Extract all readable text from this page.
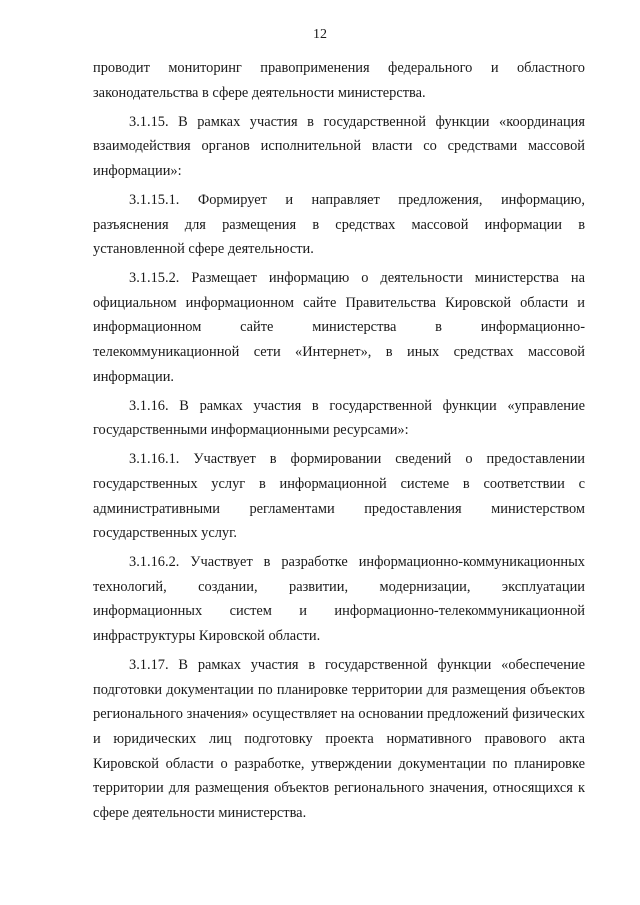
12

проводит мониторинг правоприменения федерального и областного законодательства в сфере деятельности министерства.

3.1.15. В рамках участия в государственной функции «координация взаимодействия органов исполнительной власти со средствами массовой информации»:

3.1.15.1. Формирует и направляет предложения, информацию, разъяснения для размещения в средствах массовой информации в установленной сфере деятельности.

3.1.15.2. Размещает информацию о деятельности министерства на официальном информационном сайте Правительства Кировской области и информационном сайте министерства в информационно-телекоммуникационной сети «Интернет», в иных средствах массовой информации.

3.1.16. В рамках участия в государственной функции «управление государственными информационными ресурсами»:

3.1.16.1. Участвует в формировании сведений о предоставлении государственных услуг в информационной системе в соответствии с административными регламентами предоставления министерством государственных услуг.

3.1.16.2. Участвует в разработке информационно-коммуникационных технологий, создании, развитии, модернизации, эксплуатации информационных систем и информационно-телекоммуникационной инфраструктуры Кировской области.

3.1.17. В рамках участия в государственной функции «обеспечение подготовки документации по планировке территории для размещения объектов регионального значения» осуществляет на основании предложений физических и юридических лиц подготовку проекта нормативного правового акта Кировской области о разработке, утверждении документации по планировке территории для размещения объектов регионального значения, относящихся к сфере деятельности министерства.
